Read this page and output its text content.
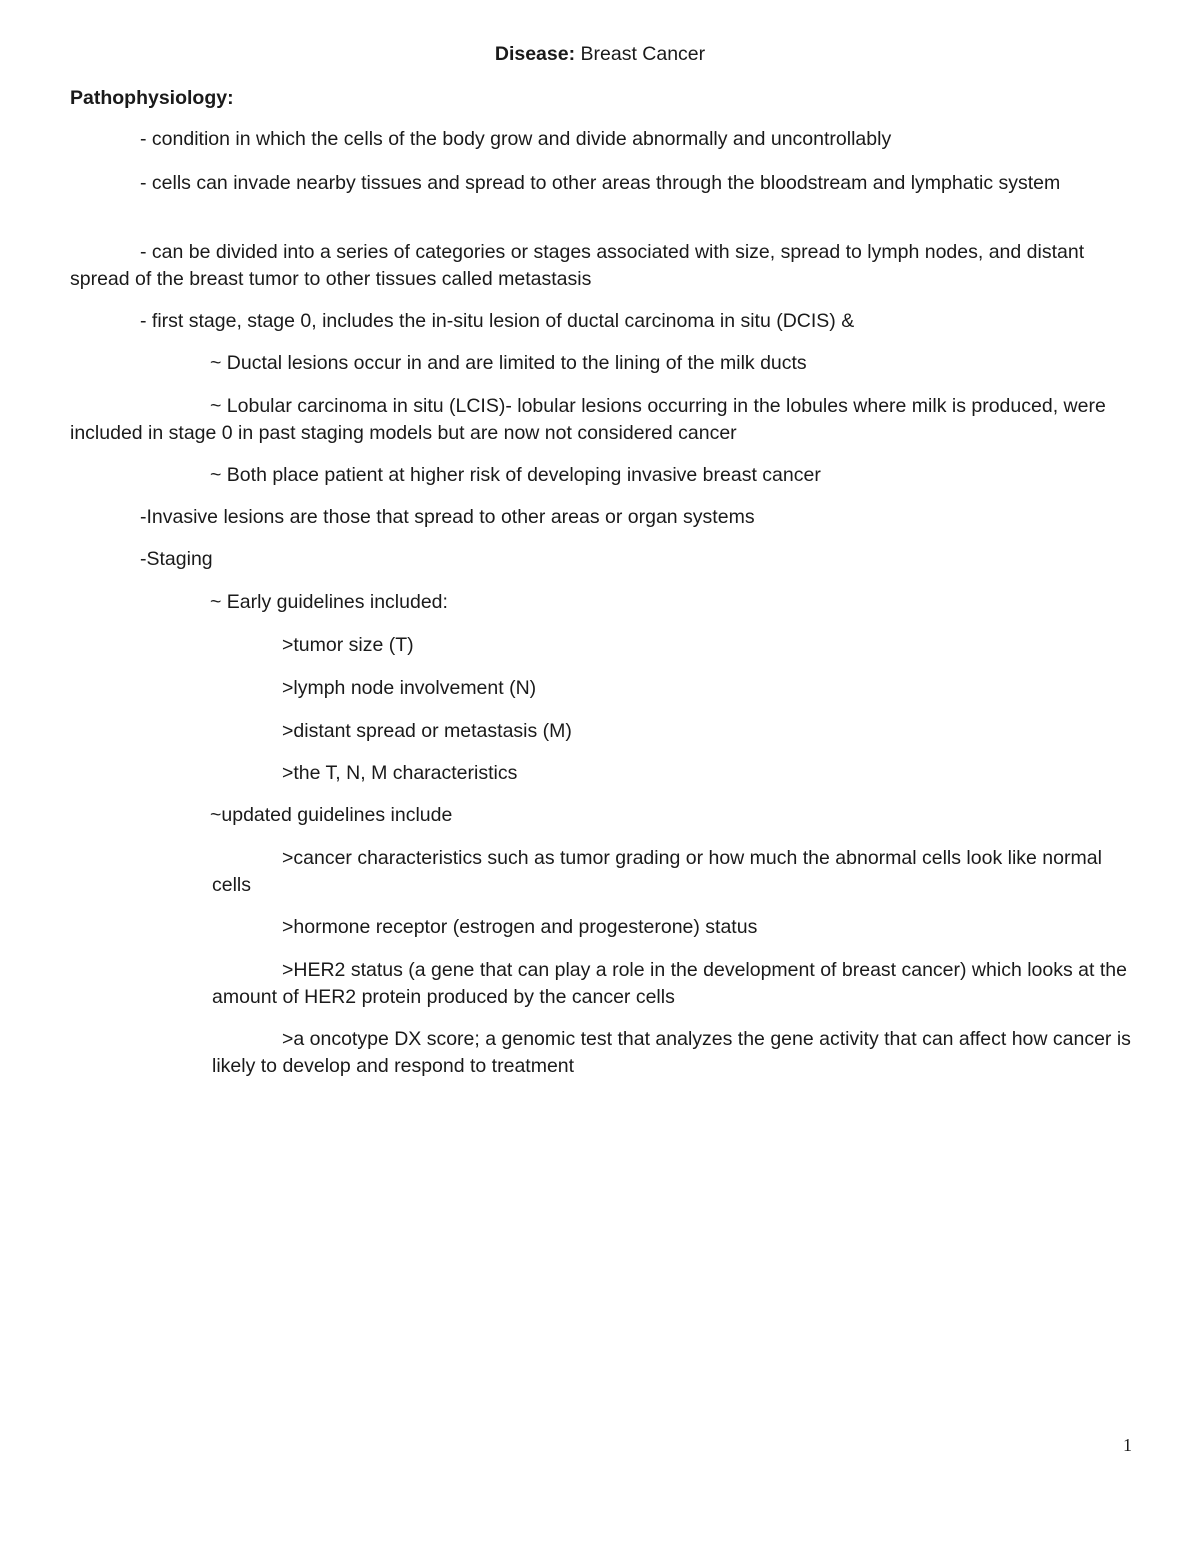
Disease: Breast Cancer
Pathophysiology:

- condition in which the cells of the body grow and divide abnormally and uncontrollably

- cells can invade nearby tissues and spread to other areas through the bloodstream and lymphatic system

- can be divided into a series of categories or stages associated with size, spread to lymph nodes, and distant spread of the breast tumor to other tissues called metastasis

- first stage, stage 0, includes the in-situ lesion of ductal carcinoma in situ (DCIS) &

~ Ductal lesions occur in and are limited to the lining of the milk ducts

~ Lobular carcinoma in situ (LCIS)- lobular lesions occurring in the lobules where milk is produced, were included in stage 0 in past staging models but are now not considered cancer

~ Both place patient at higher risk of developing invasive breast cancer

-Invasive lesions are those that spread to other areas or organ systems

-Staging

~ Early guidelines included:

>tumor size (T)

>lymph node involvement (N)

>distant spread or metastasis (M)

>the T, N, M characteristics

~updated guidelines include

>cancer characteristics such as tumor grading or how much the abnormal cells look like normal cells

>hormone receptor (estrogen and progesterone) status

>HER2 status (a gene that can play a role in the development of breast cancer) which looks at the amount of HER2 protein produced by the cancer cells

>a oncotype DX score; a genomic test that analyzes the gene activity that can affect how cancer is likely to develop and respond to treatment

1
